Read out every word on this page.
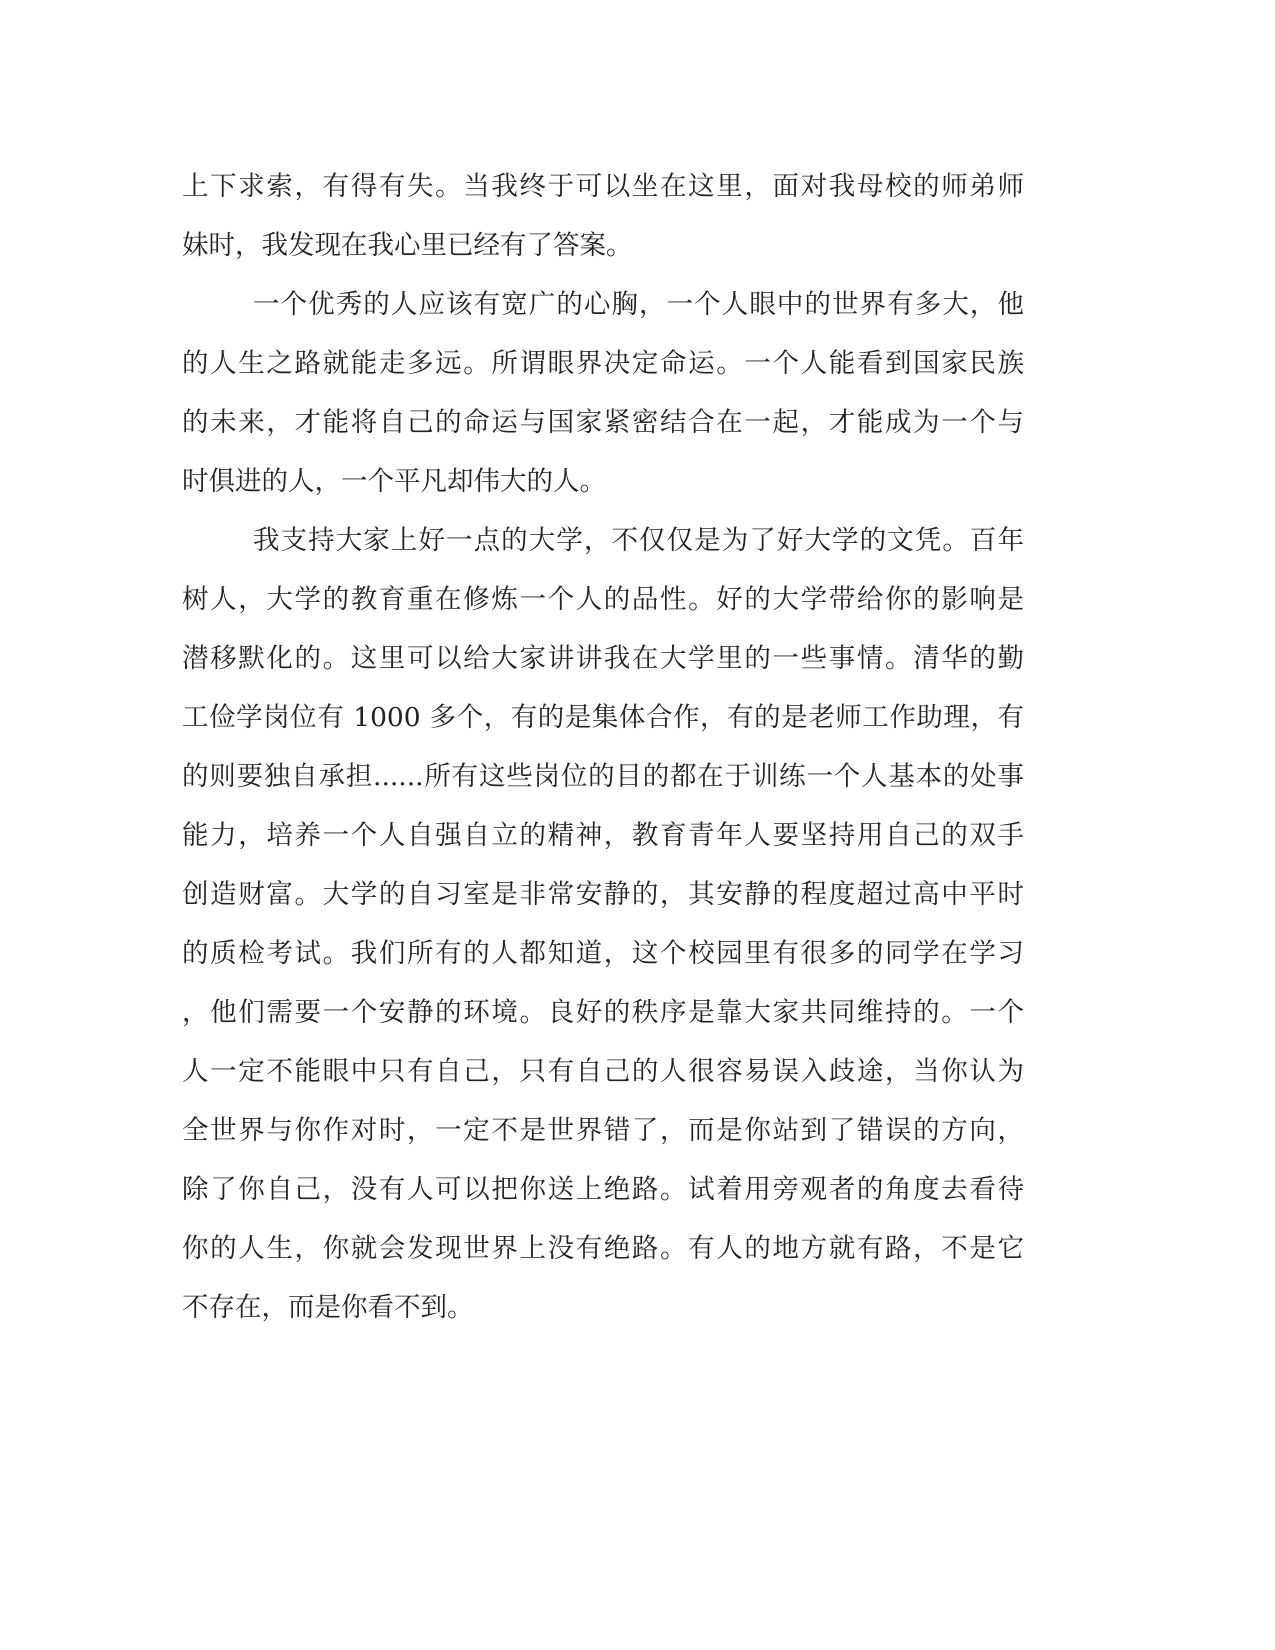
上下求索，有得有失。当我终于可以坐在这里，面对我母校的师弟师
妹时，我发现在我心里已经有了答案。
一个优秀的人应该有宽广的心胸，一个人眼中的世界有多大，他
的人生之路就能走多远。所谓眼界决定命运。一个人能看到国家民族
的未来，才能将自己的命运与国家紧密结合在一起，才能成为一个与
时俱进的人，一个平凡却伟大的人。
我支持大家上好一点的大学，不仅仅是为了好大学的文凭。百年
树人，大学的教育重在修炼一个人的品性。好的大学带给你的影响是
潜移默化的。这里可以给大家讲讲我在大学里的一些事情。清华的勤
工俭学岗位有 1000 多个，有的是集体合作，有的是老师工作助理，有
的则要独自承担......所有这些岗位的目的都在于训练一个人基本的处事
能力，培养一个人自强自立的精神，教育青年人要坚持用自己的双手
创造财富。大学的自习室是非常安静的，其安静的程度超过高中平时
的质检考试。我们所有的人都知道，这个校园里有很多的同学在学习
，他们需要一个安静的环境。良好的秩序是靠大家共同维持的。一个
人一定不能眼中只有自己，只有自己的人很容易误入歧途，当你认为
全世界与你作对时，一定不是世界错了，而是你站到了错误的方向，
除了你自己，没有人可以把你送上绝路。试着用旁观者的角度去看待
你的人生，你就会发现世界上没有绝路。有人的地方就有路，不是它
不存在，而是你看不到。
